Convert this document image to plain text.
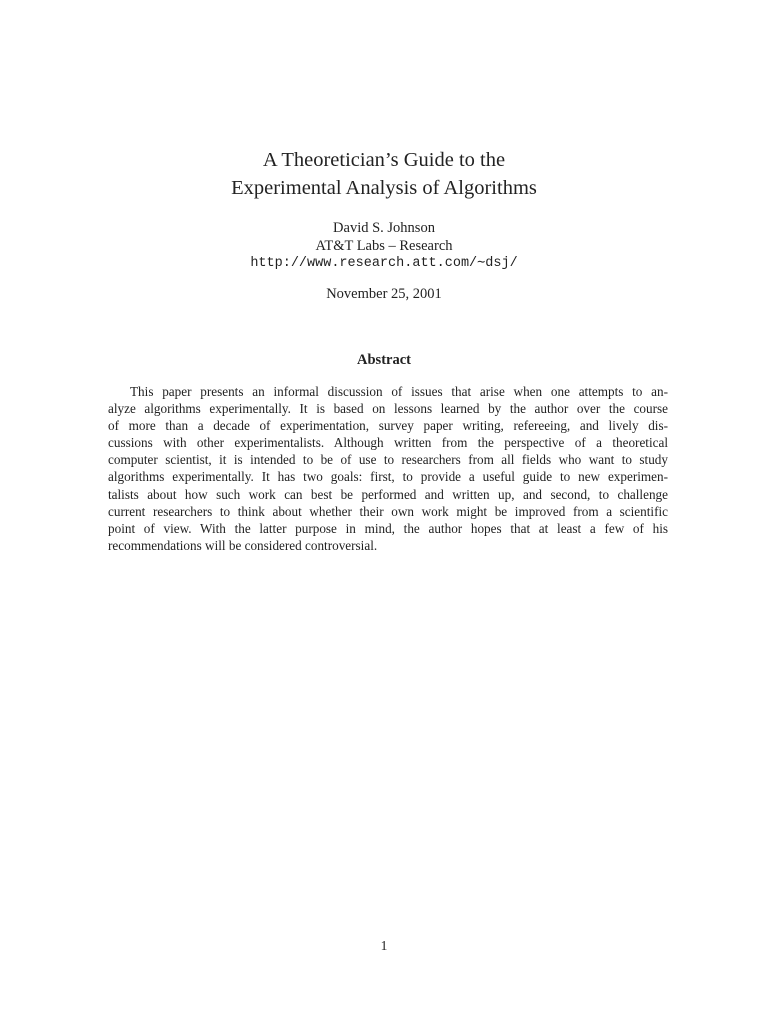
A Theoretician’s Guide to the
Experimental Analysis of Algorithms
David S. Johnson
AT&T Labs – Research
http://www.research.att.com/∼dsj/
November 25, 2001
Abstract
This paper presents an informal discussion of issues that arise when one attempts to an-
alyze algorithms experimentally. It is based on lessons learned by the author over the course
of more than a decade of experimentation, survey paper writing, refereeing, and lively dis-
cussions with other experimentalists. Although written from the perspective of a theoretical
computer scientist, it is intended to be of use to researchers from all fields who want to study
algorithms experimentally. It has two goals: first, to provide a useful guide to new experimen-
talists about how such work can best be performed and written up, and second, to challenge
current researchers to think about whether their own work might be improved from a scientific
point of view. With the latter purpose in mind, the author hopes that at least a few of his
recommendations will be considered controversial.
1
